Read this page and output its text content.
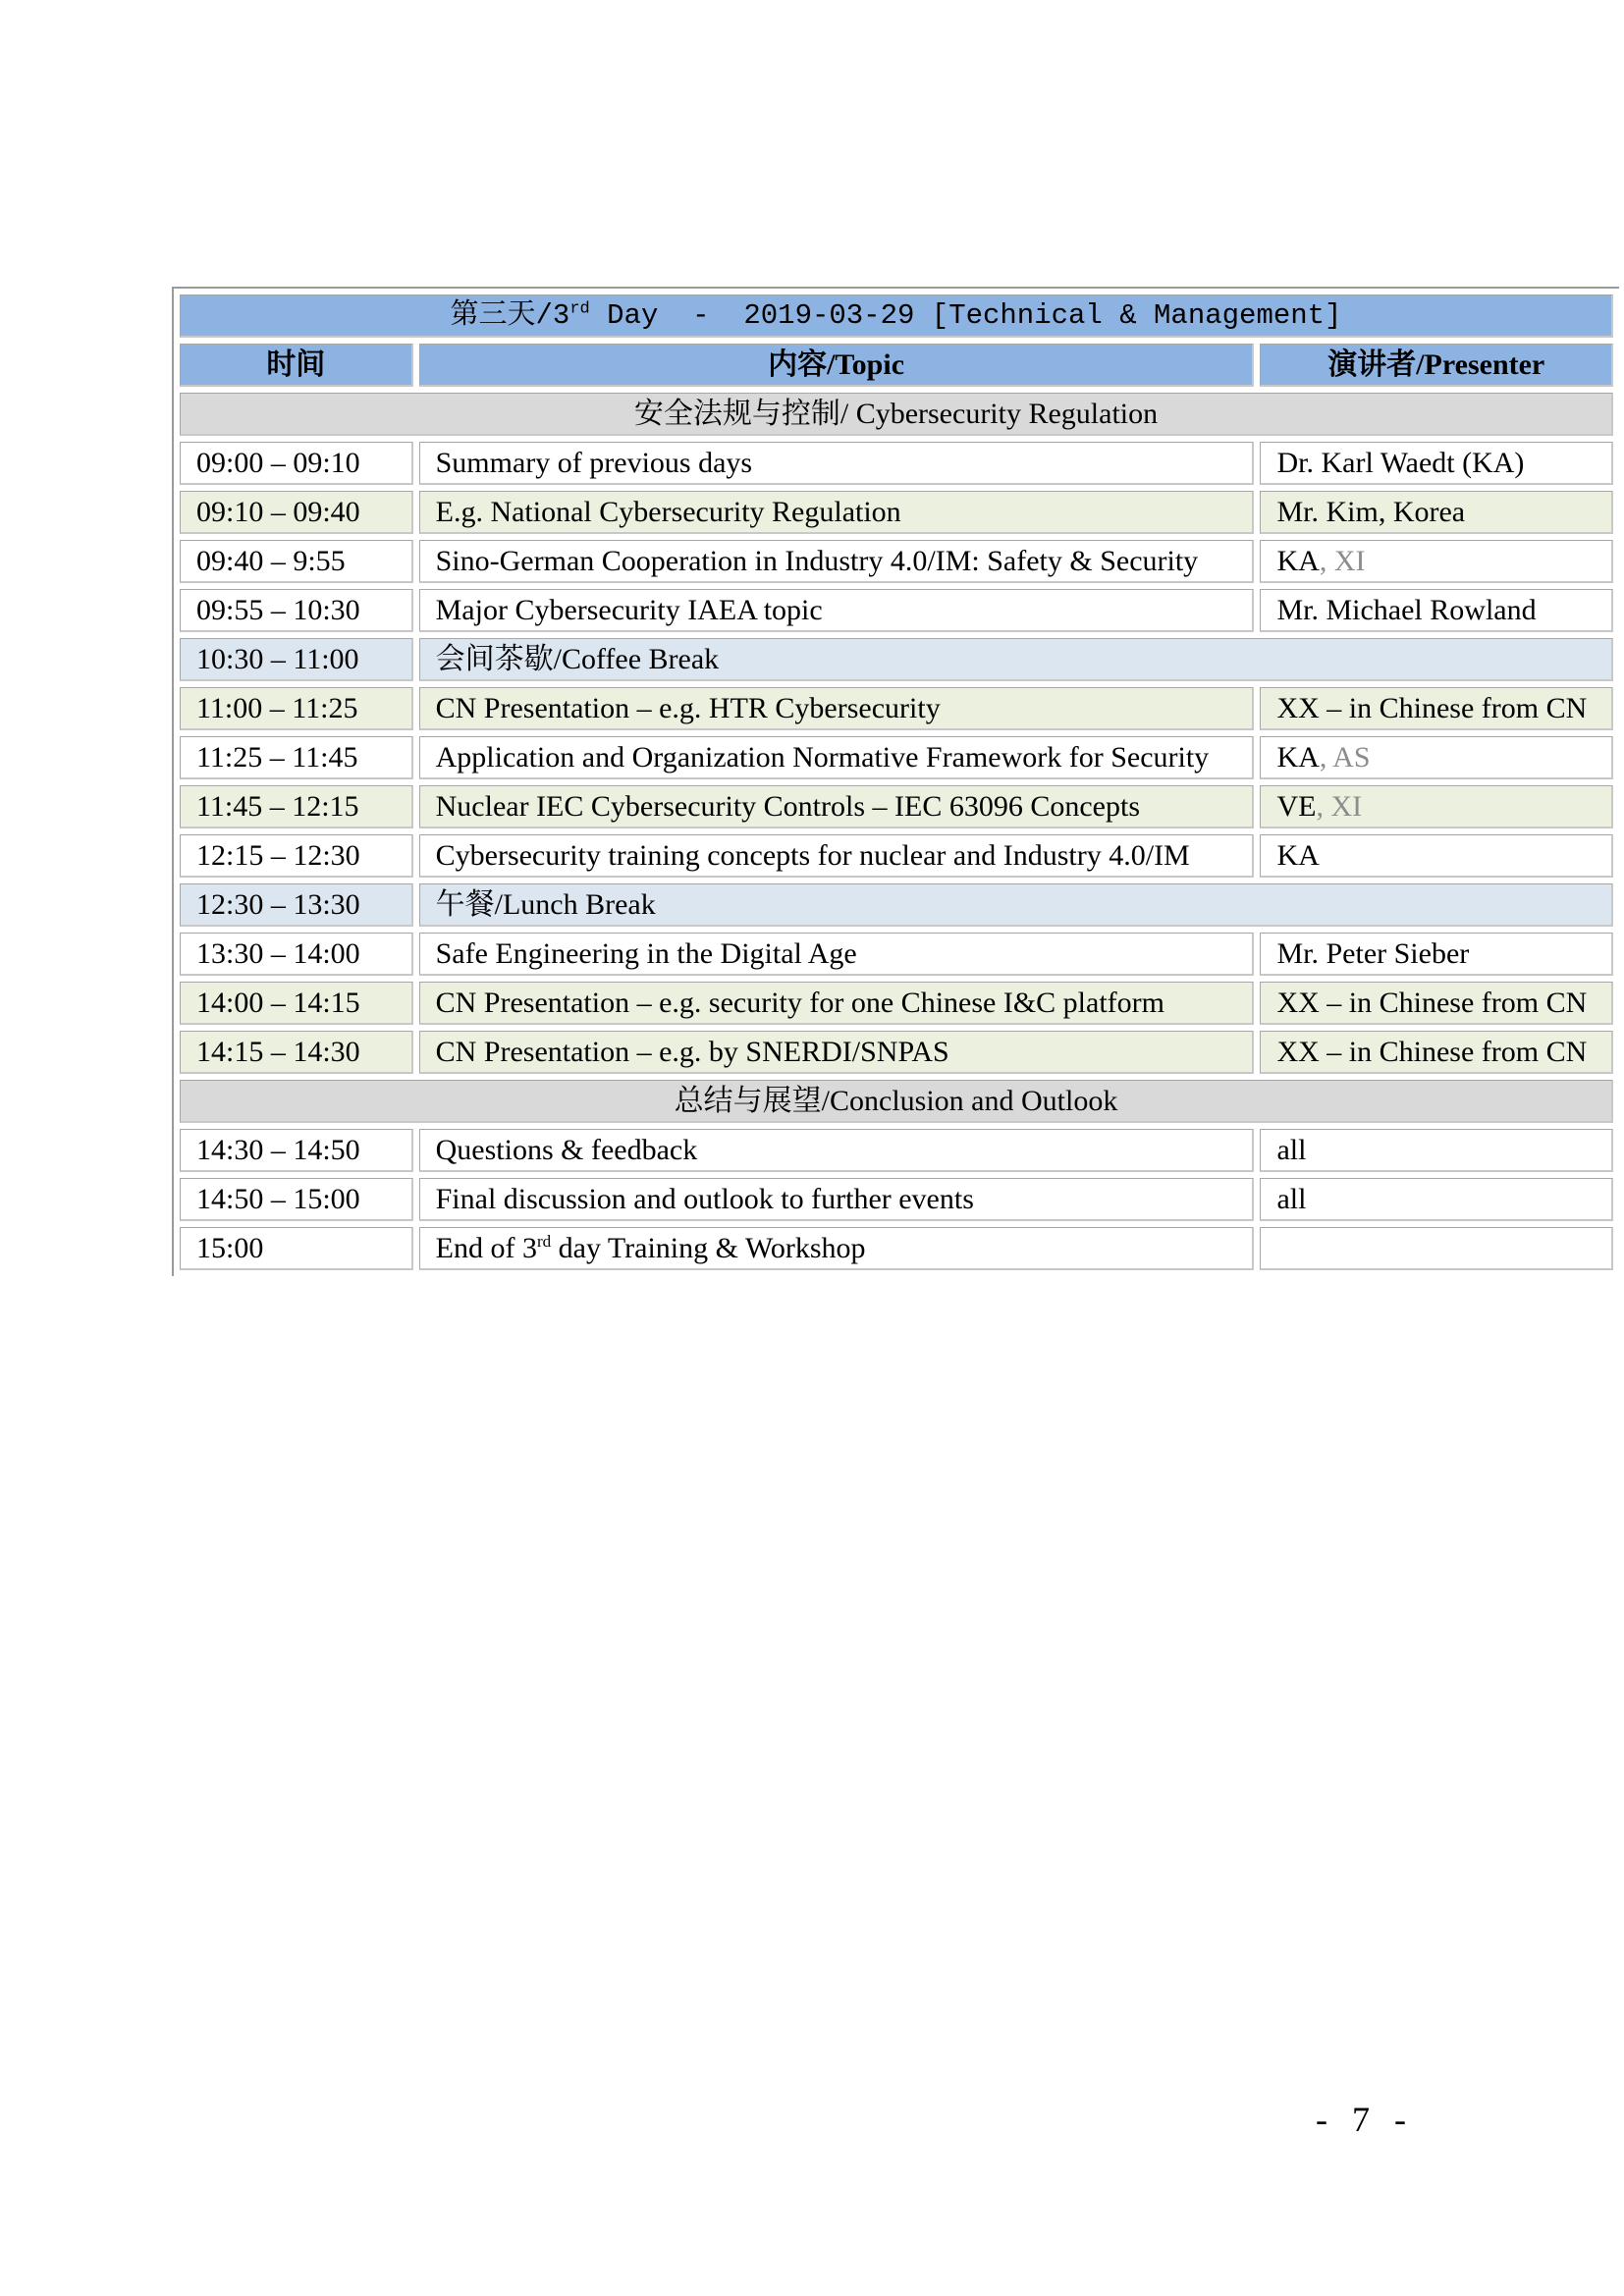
第三天/3rd Day  -  2019-03-29 [Technical & Management]		
时间	内容/Topic	演讲者/Presenter
安全法规与控制/ Cybersecurity Regulation		
09:00 – 09:10	Summary of previous days	Dr. Karl Waedt (KA)
09:10 – 09:40	E.g. National Cybersecurity Regulation	Mr. Kim, Korea
09:40 – 9:55	Sino-German Cooperation in Industry 4.0/IM: Safety & Security	KA, XI
09:55 – 10:30	Major Cybersecurity IAEA topic	Mr. Michael Rowland
10:30 – 11:00	会间茶歇/Coffee Break	
11:00 – 11:25	CN Presentation – e.g. HTR Cybersecurity	XX – in Chinese from CN
11:25 – 11:45	Application and Organization Normative Framework for Security	KA, AS
11:45 – 12:15	Nuclear IEC Cybersecurity Controls – IEC 63096 Concepts	VE, XI
12:15 – 12:30	Cybersecurity training concepts for nuclear and Industry 4.0/IM	KA
12:30 – 13:30	午餐/Lunch Break	
13:30 – 14:00	Safe Engineering in the Digital Age	Mr. Peter Sieber
14:00 – 14:15	CN Presentation – e.g. security for one Chinese I&C platform	XX – in Chinese from CN
14:15 – 14:30	CN Presentation – e.g. by SNERDI/SNPAS	XX – in Chinese from CN
总结与展望/Conclusion and Outlook		
14:30 – 14:50	Questions & feedback	all
14:50 – 15:00	Final discussion and outlook to further events	all
15:00	End of 3rd day Training & Workshop	
- 7 -
